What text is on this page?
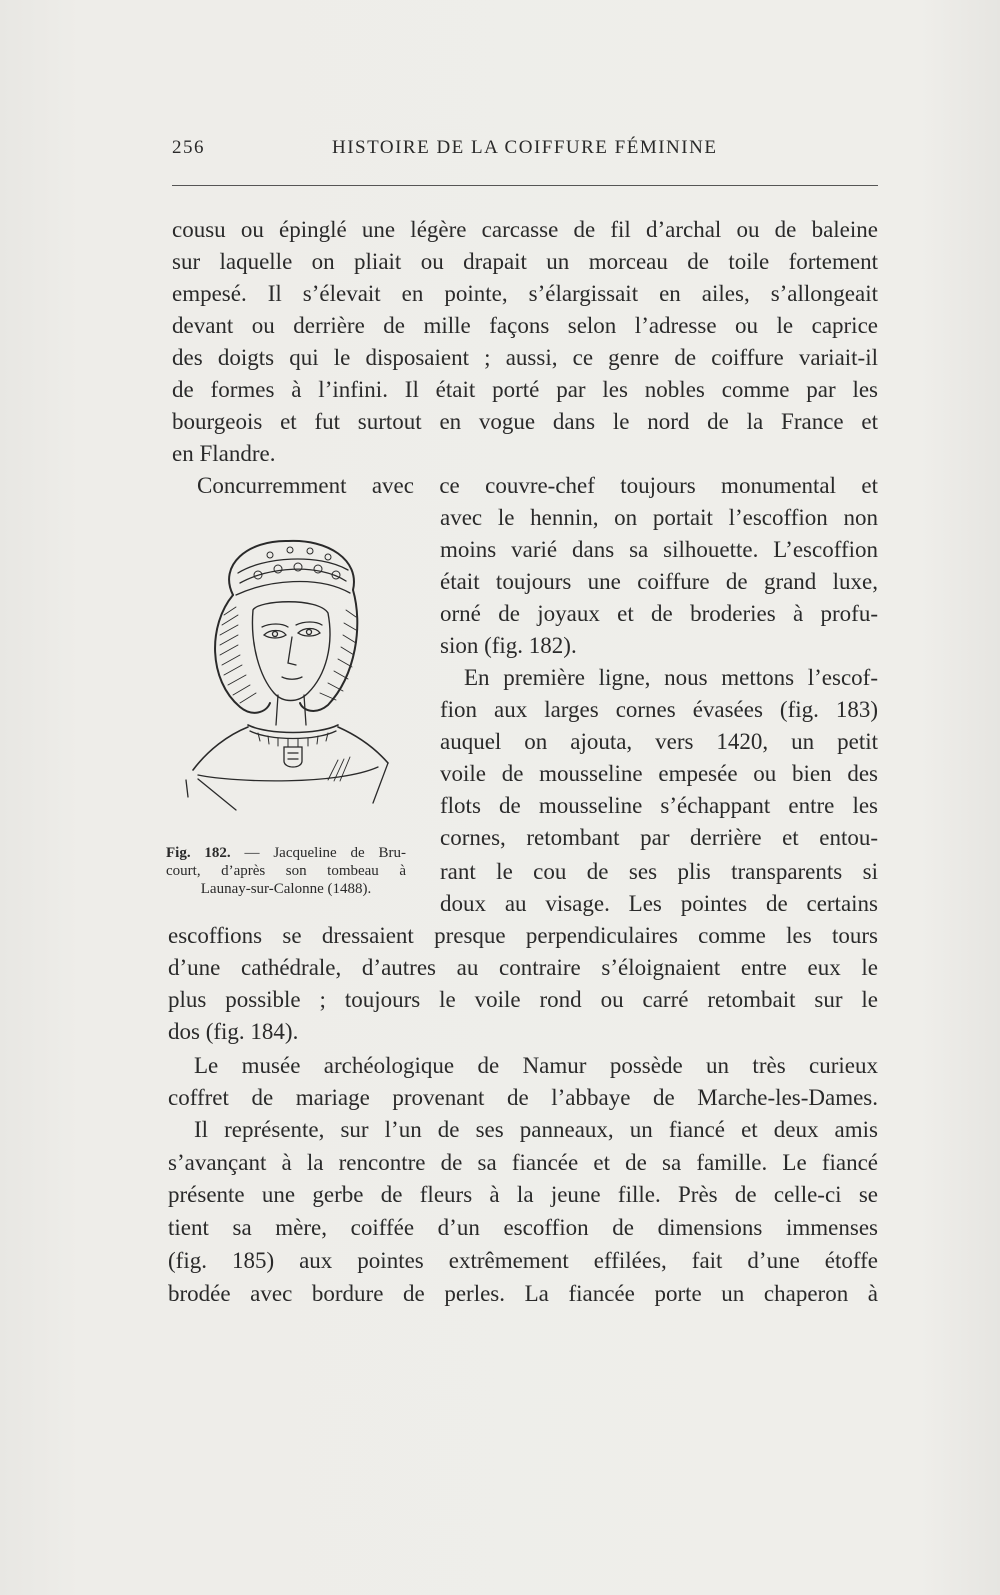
256	HISTOIRE DE LA COIFFURE FÉMININE
cousu ou épinglé une légère carcasse de fil d’archal ou de baleine
sur laquelle on pliait ou drapait un morceau de toile fortement
empesé. Il s’élevait en pointe, s’élargissait en ailes, s’allongeait
devant ou derrière de mille façons selon l’adresse ou le caprice
des doigts qui le disposaient ; aussi, ce genre de coiffure variait-il
de formes à l’infini. Il était porté par les nobles comme par les
bourgeois et fut surtout en vogue dans le nord de la France et
en Flandre.
Concurremment avec ce couvre-chef toujours monumental et
avec le hennin, on portait l’escoffion non
moins varié dans sa silhouette. L’escoffion
était toujours une coiffure de grand luxe,
orné de joyaux et de broderies à profu-
sion (fig. 182).
En première ligne, nous mettons l’escof-
fion aux larges cornes évasées (fig. 183)
auquel on ajouta, vers 1420, un petit
voile de mousseline empesée ou bien des
flots de mousseline s’échappant entre les
cornes, retombant par derrière et entou-
rant le cou de ses plis transparents si
doux au visage. Les pointes de certains
escoffions se dressaient presque perpendiculaires comme les tours
d’une cathédrale, d’autres au contraire s’éloignaient entre eux le
plus possible ; toujours le voile rond ou carré retombait sur le
dos (fig. 184).
Le musée archéologique de Namur possède un très curieux
coffret de mariage provenant de l’abbaye de Marche-les-Dames.
Il représente, sur l’un de ses panneaux, un fiancé et deux amis
s’avançant à la rencontre de sa fiancée et de sa famille. Le fiancé
présente une gerbe de fleurs à la jeune fille. Près de celle-ci se
tient sa mère, coiffée d’un escoffion de dimensions immenses
(fig. 185) aux pointes extrêmement effilées, fait d’une étoffe
brodée avec bordure de perles. La fiancée porte un chaperon à
Fig. 182. — Jacqueline de Bru-
court, d’après son tombeau à
Launay-sur-Calonne (1488).
